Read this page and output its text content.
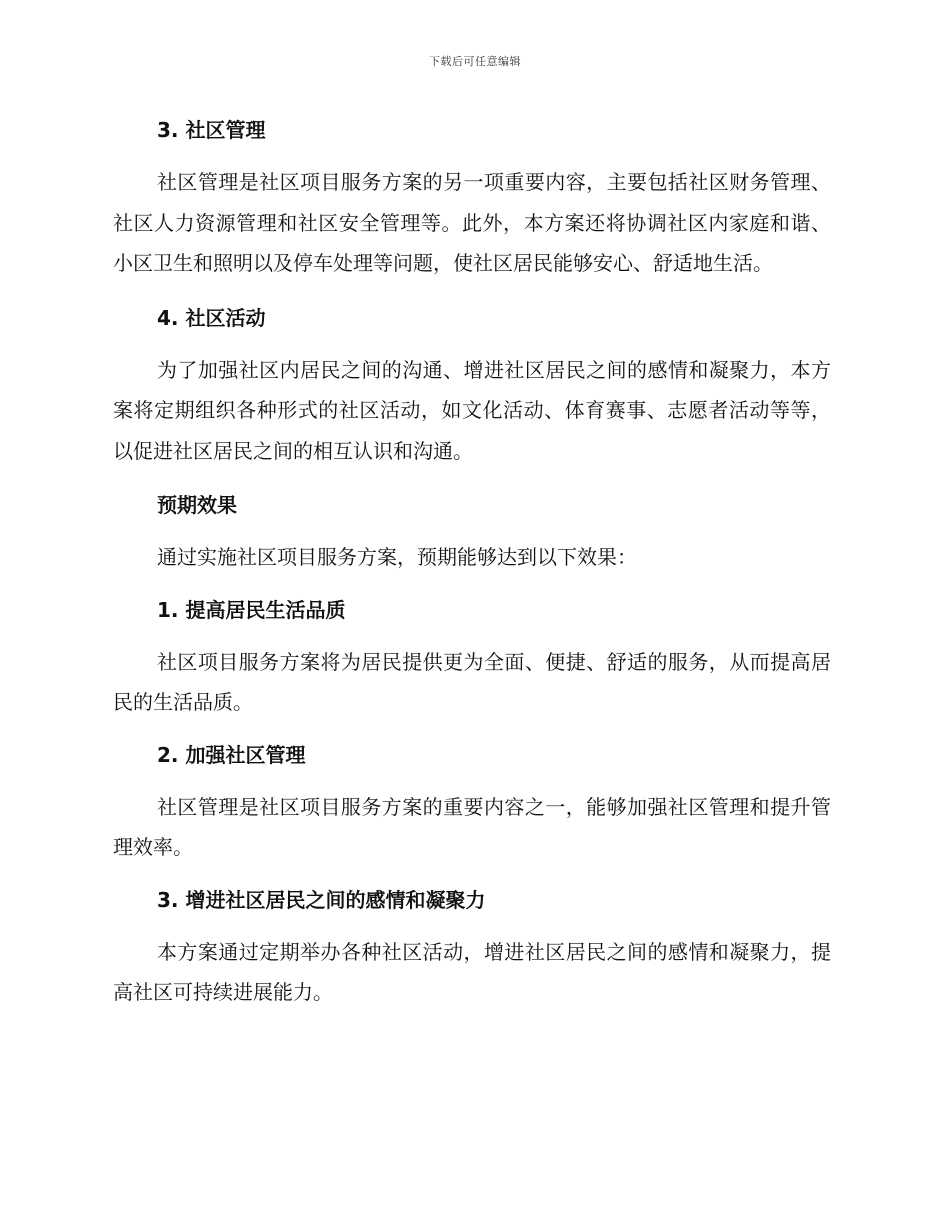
下载后可任意编辑
3. 社区管理

社区管理是社区项目服务方案的另一项重要内容，主要包括社区财务管理、社区人力资源管理和社区安全管理等。此外，本方案还将协调社区内家庭和谐、小区卫生和照明以及停车处理等问题，使社区居民能够安心、舒适地生活。

4. 社区活动

为了加强社区内居民之间的沟通、增进社区居民之间的感情和凝聚力，本方案将定期组织各种形式的社区活动，如文化活动、体育赛事、志愿者活动等等，以促进社区居民之间的相互认识和沟通。

预期效果

通过实施社区项目服务方案，预期能够达到以下效果：

1. 提高居民生活品质

社区项目服务方案将为居民提供更为全面、便捷、舒适的服务，从而提高居民的生活品质。

2. 加强社区管理

社区管理是社区项目服务方案的重要内容之一，能够加强社区管理和提升管理效率。

3. 增进社区居民之间的感情和凝聚力

本方案通过定期举办各种社区活动，增进社区居民之间的感情和凝聚力，提高社区可持续进展能力。
